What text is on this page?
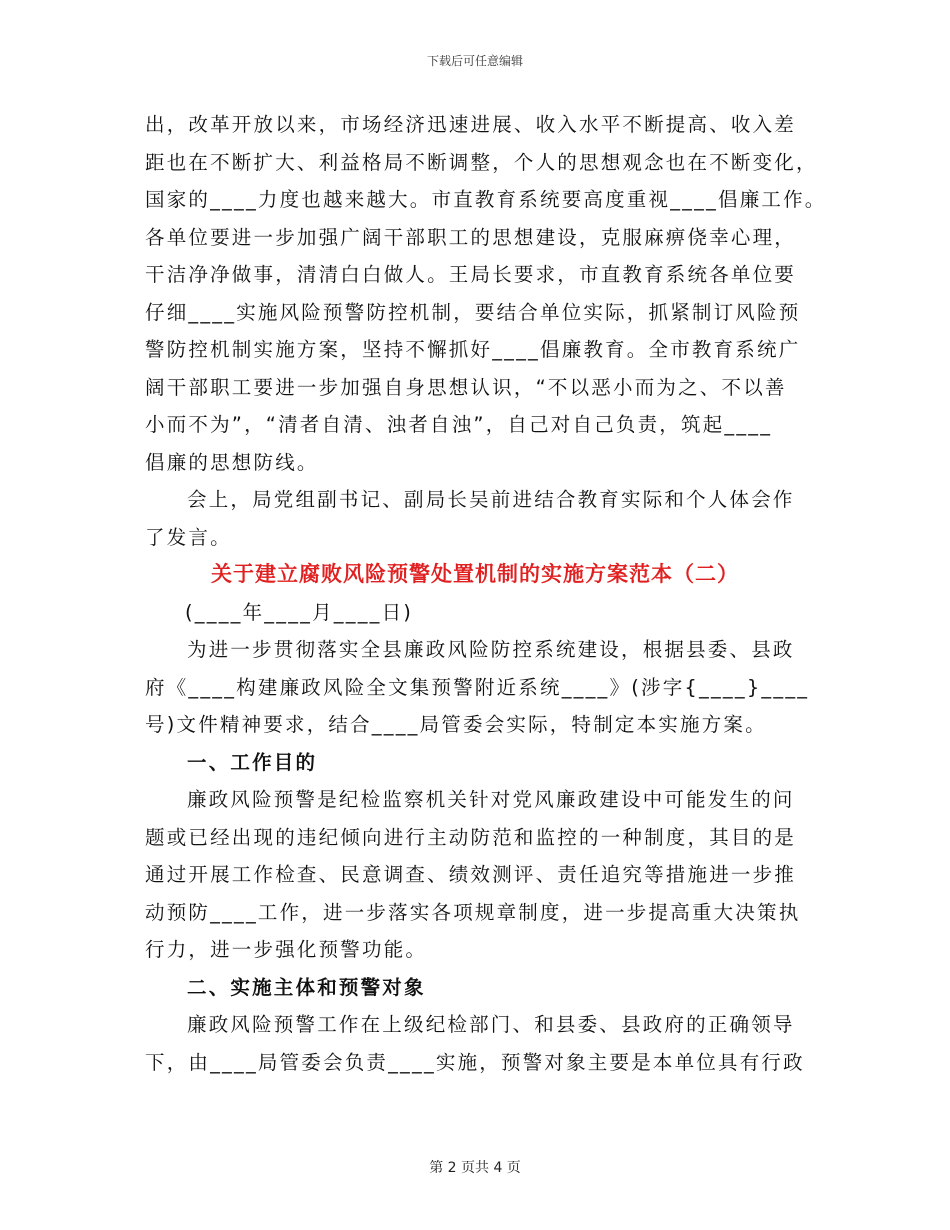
下载后可任意编辑

出，改革开放以来，市场经济迅速进展、收入水平不断提高、收入差

距也在不断扩大、利益格局不断调整，个人的思想观念也在不断变化，

国家的____力度也越来越大。市直教育系统要高度重视____倡廉工作。

各单位要进一步加强广阔干部职工的思想建设，克服麻痹侥幸心理，

干洁净净做事，清清白白做人。王局长要求，市直教育系统各单位要

仔细____实施风险预警防控机制，要结合单位实际，抓紧制订风险预

警防控机制实施方案，坚持不懈抓好____倡廉教育。全市教育系统广

阔干部职工要进一步加强自身思想认识，“不以恶小而为之、不以善

小而不为”，“清者自清、浊者自浊”，自己对自己负责，筑起____

倡廉的思想防线。

会上，局党组副书记、副局长吴前进结合教育实际和个人体会作

了发言。

关于建立腐败风险预警处置机制的实施方案范本（二）

(____年____月____日)

为进一步贯彻落实全县廉政风险防控系统建设，根据县委、县政

府《____构建廉政风险全文集预警附近系统____》(涉字{____}____

号)文件精神要求，结合____局管委会实际，特制定本实施方案。

一、工作目的

廉政风险预警是纪检监察机关针对党风廉政建设中可能发生的问

题或已经出现的违纪倾向进行主动防范和监控的一种制度，其目的是

通过开展工作检查、民意调查、绩效测评、责任追究等措施进一步推

动预防____工作，进一步落实各项规章制度，进一步提高重大决策执

行力，进一步强化预警功能。

二、实施主体和预警对象

廉政风险预警工作在上级纪检部门、和县委、县政府的正确领导

下，由____局管委会负责____实施，预警对象主要是本单位具有行政

第 2 页共 4 页
